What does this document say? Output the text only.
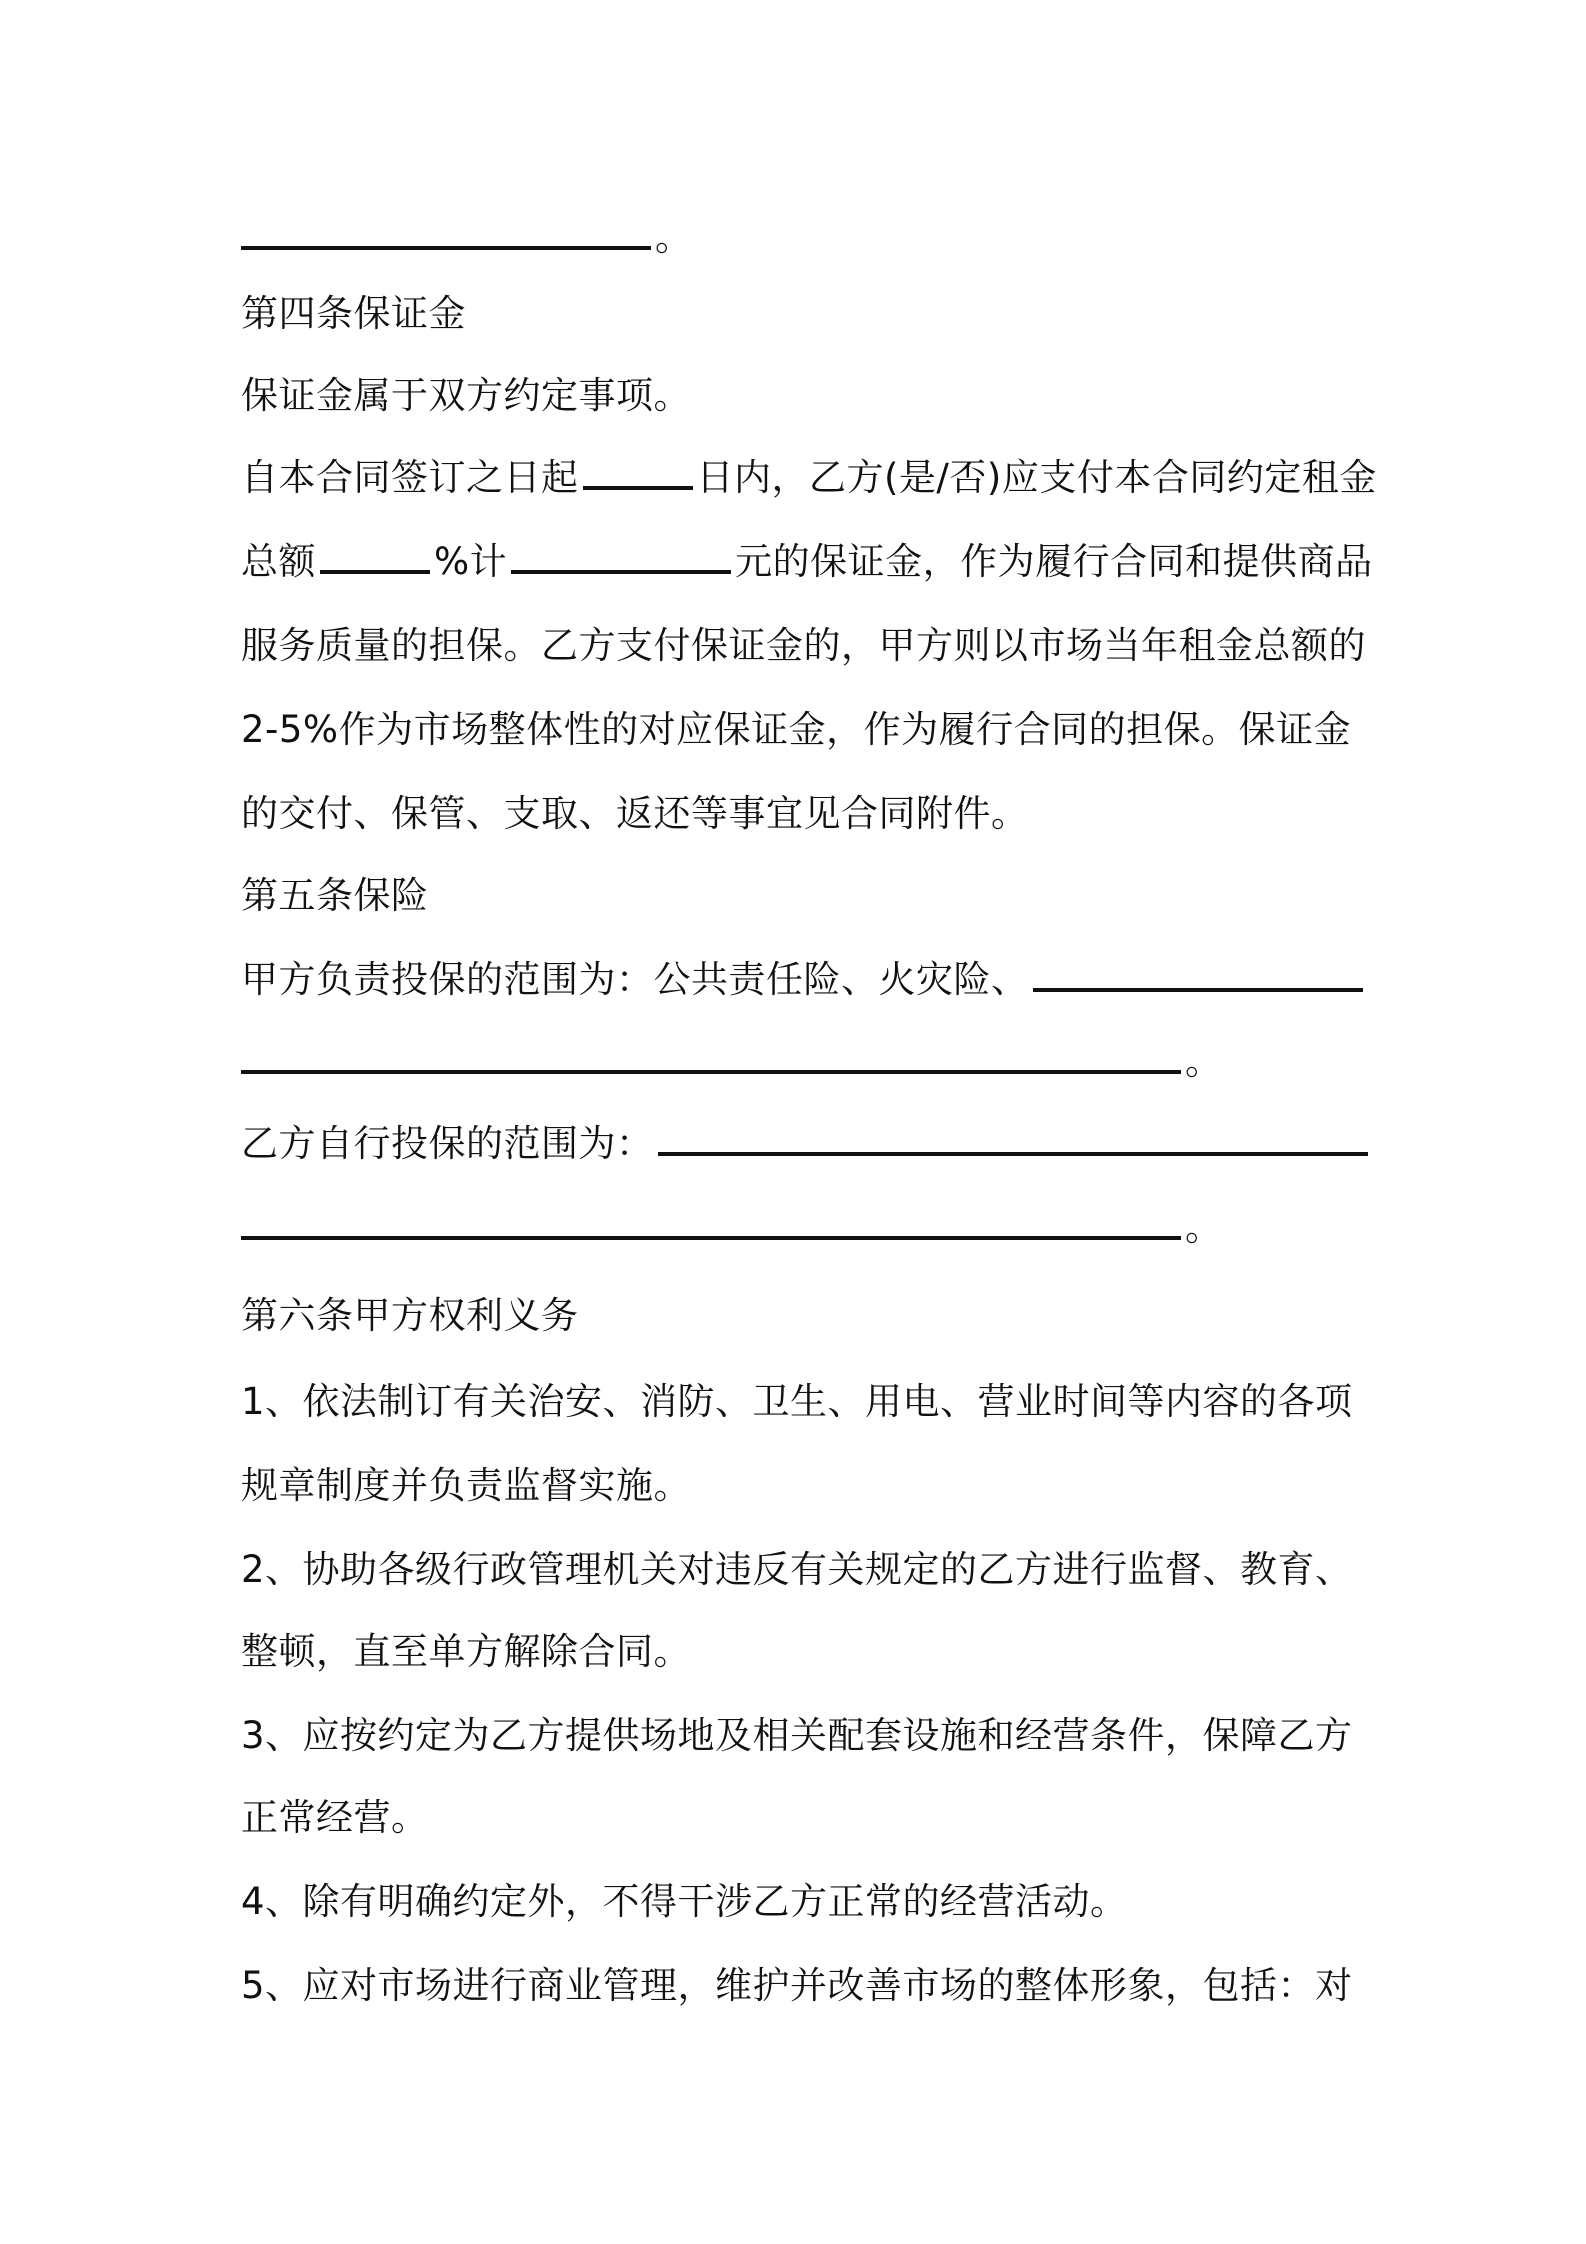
。
第四条保证金
保证金属于双方约定事项。
自本合同签订之日起	日内，乙方(是/否)应支付本合同约定租金
总额	%计	元的保证金，作为履行合同和提供商品
服务质量的担保。乙方支付保证金的，甲方则以市场当年租金总额的
2-5%作为市场整体性的对应保证金，作为履行合同的担保。保证金
的交付、保管、支取、返还等事宜见合同附件。
第五条保险
甲方负责投保的范围为：公共责任险、火灾险、
。
乙方自行投保的范围为：
。
第六条甲方权利义务
1、依法制订有关治安、消防、卫生、用电、营业时间等内容的各项
规章制度并负责监督实施。
2、协助各级行政管理机关对违反有关规定的乙方进行监督、教育、
整顿，直至单方解除合同。
3、应按约定为乙方提供场地及相关配套设施和经营条件，保障乙方
正常经营。
4、除有明确约定外，不得干涉乙方正常的经营活动。
5、应对市场进行商业管理，维护并改善市场的整体形象，包括：对
